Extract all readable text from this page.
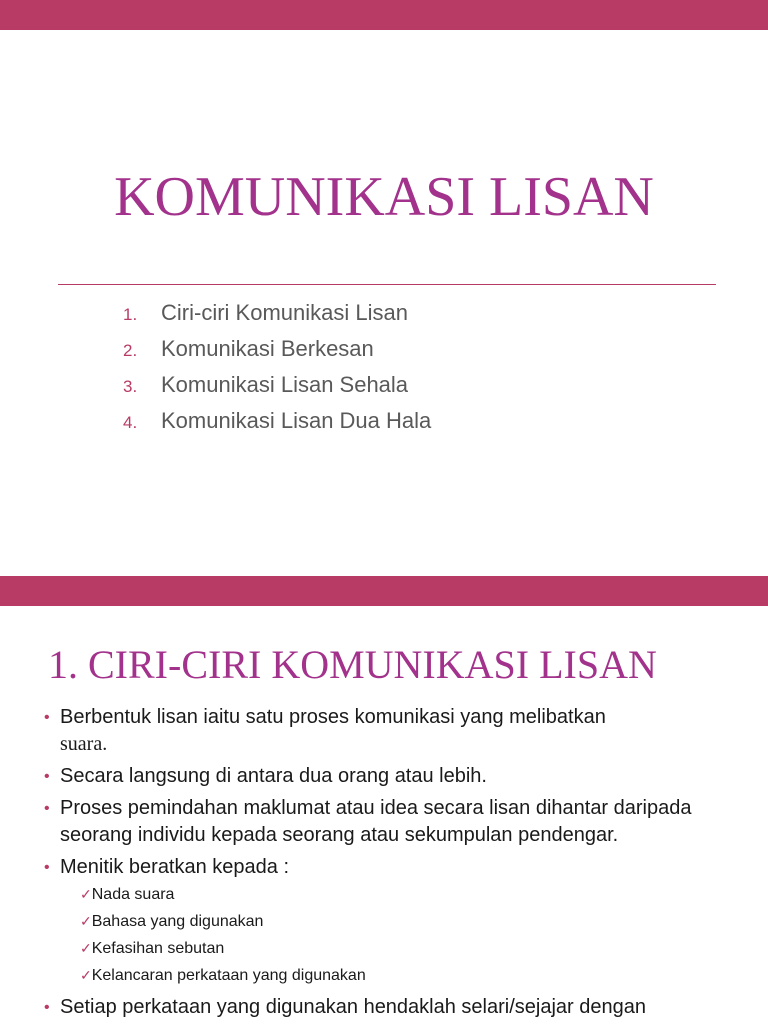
KOMUNIKASI LISAN
1. Ciri-ciri Komunikasi Lisan
2. Komunikasi Berkesan
3. Komunikasi Lisan Sehala
4. Komunikasi Lisan Dua Hala
1. CIRI-CIRI KOMUNIKASI LISAN
• Berbentuk lisan iaitu satu proses komunikasi yang melibatkan
suara.
• Secara langsung di antara dua orang atau lebih.
• Proses pemindahan maklumat atau idea secara lisan dihantar daripada seorang individu kepada seorang atau sekumpulan pendengar.
• Menitik beratkan kepada :
✓Nada suara
✓Bahasa yang digunakan
✓Kefasihan sebutan
✓Kelancaran perkataan yang digunakan
• Setiap perkataan yang digunakan hendaklah selari/sejajar dengan
